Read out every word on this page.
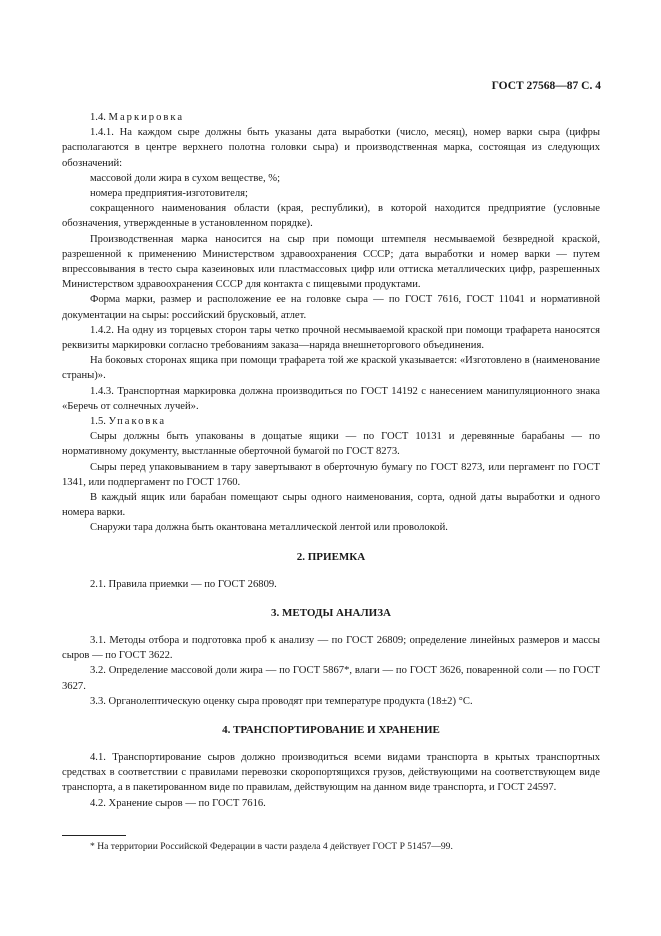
ГОСТ 27568—87 С. 4

1.4. Маркировка

1.4.1. На каждом сыре должны быть указаны дата выработки (число, месяц), номер варки сыра (цифры располагаются в центре верхнего полотна головки сыра) и производственная марка, состоящая из следующих обозначений:

массовой доли жира в сухом веществе, %;

номера предприятия-изготовителя;

сокращенного наименования области (края, республики), в которой находится предприятие (условные обозначения, утвержденные в установленном порядке).

Производственная марка наносится на сыр при помощи штемпеля несмываемой безвредной краской, разрешенной к применению Министерством здравоохранения СССР; дата выработки и номер варки — путем впрессовывания в тесто сыра казеиновых или пластмассовых цифр или оттиска металлических цифр, разрешенных Министерством здравоохранения СССР для контакта с пищевыми продуктами.

Форма марки, размер и расположение ее на головке сыра — по ГОСТ 7616, ГОСТ 11041 и нормативной документации на сыры: российский брусковый, атлет.

1.4.2. На одну из торцевых сторон тары четко прочной несмываемой краской при помощи трафарета наносятся реквизиты маркировки согласно требованиям заказа—наряда внешнеторгового объединения.

На боковых сторонах ящика при помощи трафарета той же краской указывается: «Изготовлено в (наименование страны)».

1.4.3. Транспортная маркировка должна производиться по ГОСТ 14192 с нанесением манипуляционного знака «Беречь от солнечных лучей».

1.5. Упаковка

Сыры должны быть упакованы в дощатые ящики — по ГОСТ 10131 и деревянные барабаны — по нормативному документу, выстланные оберточной бумагой по ГОСТ 8273.

Сыры перед упаковыванием в тару завертывают в оберточную бумагу по ГОСТ 8273, или пергамент по ГОСТ 1341, или подпергамент по ГОСТ 1760.

В каждый ящик или барабан помещают сыры одного наименования, сорта, одной даты выработки и одного номера варки.

Снаружи тара должна быть окантована металлической лентой или проволокой.

2. ПРИЕМКА

2.1. Правила приемки — по ГОСТ 26809.

3. МЕТОДЫ АНАЛИЗА

3.1. Методы отбора и подготовка проб к анализу — по ГОСТ 26809; определение линейных размеров и массы сыров — по ГОСТ 3622.

3.2. Определение массовой доли жира — по ГОСТ 5867*, влаги — по ГОСТ 3626, поваренной соли — по ГОСТ 3627.

3.3. Органолептическую оценку сыра проводят при температуре продукта (18±2) °С.

4. ТРАНСПОРТИРОВАНИЕ И ХРАНЕНИЕ

4.1. Транспортирование сыров должно производиться всеми видами транспорта в крытых транспортных средствах в соответствии с правилами перевозки скоропортящихся грузов, действующими на соответствующем виде транспорта, а в пакетированном виде по правилам, действующим на данном виде транспорта, и ГОСТ 24597.

4.2. Хранение сыров — по ГОСТ 7616.

* На территории Российской Федерации в части раздела 4 действует ГОСТ Р 51457—99.
